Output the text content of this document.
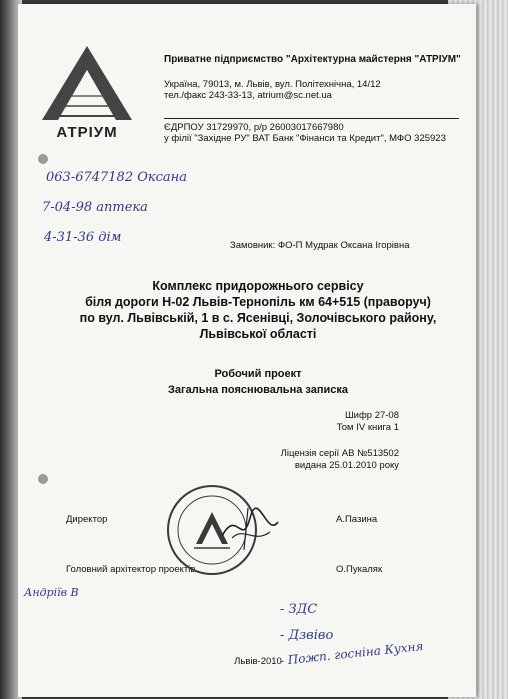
АТРІУМ
Приватне підприємство "Архітектурна майстерня "АТРІУМ"
Україна, 79013, м. Львів, вул. Політехнічна, 14/12
тел./факс 243-33-13, atrium@sc.net.ua
ЄДРПОУ 31729970, р/р 26003017667980
у філії "Західне РУ" ВАТ Банк "Фінанси та Кредит", МФО 325923
063-6747182 Оксана
7-04-98 аптека
4-31-36 дім
Замовник: ФО-П Мудрак Оксана Ігорівна
Комплекс придорожнього сервісу
біля дороги Н-02 Львів-Тернопіль км 64+515 (праворуч)
по вул. Львівській, 1 в с. Ясенівці, Золочівського району,
Львівської області
Робочий проект
Загальна пояснювальна записка
Шифр 27-08
Том IV книга 1
Ліцензія серії АВ №513502
видана 25.01.2010 року
Директор	А.Пазина
Головний архітектор проектів	О.Пукаляк
Андріїв В
- ЗДС
- Дзвіво
- Пожп. госніна Кухня
Львів-2010
